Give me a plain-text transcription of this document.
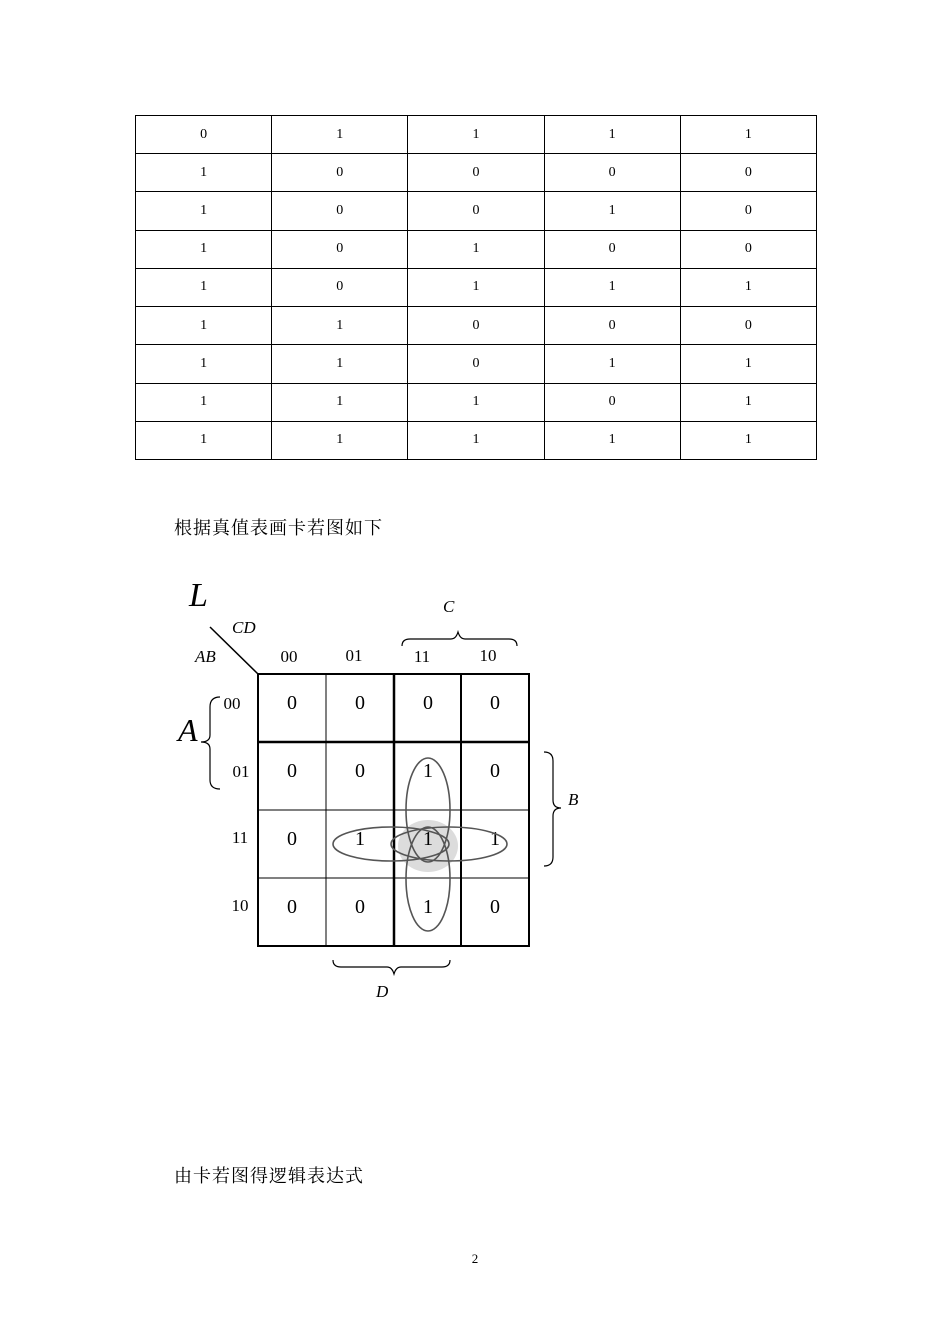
0	1	1	1	1
1	0	0	0	0
1	0	0	1	0
1	0	1	0	0
1	0	1	1	1
1	1	0	0	0
1	1	0	1	1
1	1	1	0	1
1	1	1	1	1
根据真值表画卡若图如下
L
CD
AB	00	01	11	10
00
01
11
10
0	0	0	0
0	0	1	0
0	1	1	1
0	0	1	0
C
A
B
D
由卡若图得逻辑表达式
2
